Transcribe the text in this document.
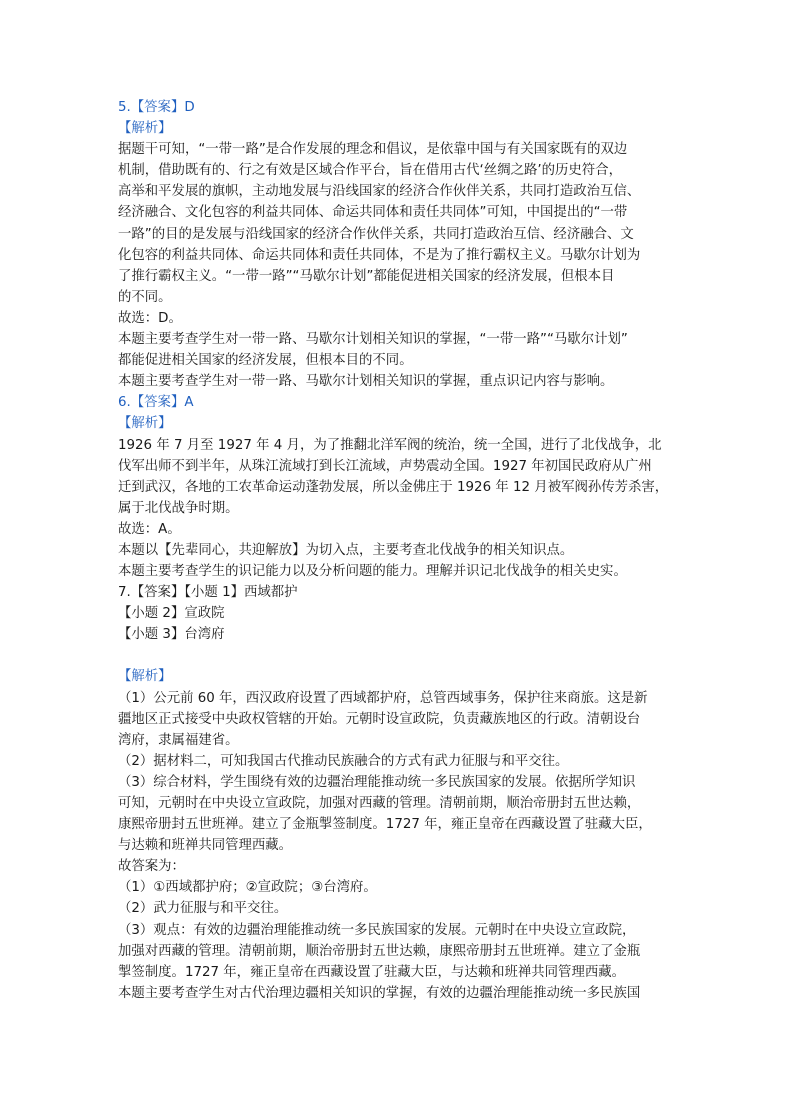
5.【答案】D
【解析】
据题干可知，“一带一路”是合作发展的理念和倡议，是依靠中国与有关国家既有的双边
机制，借助既有的、行之有效是区域合作平台，旨在借用古代‘丝绸之路’的历史符合，
高举和平发展的旗帜，主动地发展与沿线国家的经济合作伙伴关系，共同打造政治互信、
经济融合、文化包容的利益共同体、命运共同体和责任共同体”可知，中国提出的“一带
一路”的目的是发展与沿线国家的经济合作伙伴关系，共同打造政治互信、经济融合、文
化包容的利益共同体、命运共同体和责任共同体，不是为了推行霸权主义。马歇尔计划为
了推行霸权主义。“一带一路”“马歇尔计划”都能促进相关国家的经济发展，但根本目
的不同。
故选：D。
本题主要考查学生对一带一路、马歇尔计划相关知识的掌握，“一带一路”“马歇尔计划”
都能促进相关国家的经济发展，但根本目的不同。
本题主要考查学生对一带一路、马歇尔计划相关知识的掌握，重点识记内容与影响。
6.【答案】A
【解析】
1926 年 7 月至 1927 年 4 月，为了推翻北洋军阀的统治，统一全国，进行了北伐战争，北
伐军出师不到半年，从珠江流域打到长江流域，声势震动全国。1927 年初国民政府从广州
迁到武汉，各地的工农革命运动蓬勃发展，所以金佛庄于 1926 年 12 月被军阀孙传芳杀害，
属于北伐战争时期。
故选：A。
本题以【先辈同心，共迎解放】为切入点，主要考查北伐战争的相关知识点。
本题主要考查学生的识记能力以及分析问题的能力。理解并识记北伐战争的相关史实。
7.【答案】【小题 1】西域都护
【小题 2】宣政院
【小题 3】台湾府
【解析】
（1）公元前 60 年，西汉政府设置了西域都护府，总管西域事务，保护往来商旅。这是新
疆地区正式接受中央政权管辖的开始。元朝时设宣政院，负责藏族地区的行政。清朝设台
湾府，隶属福建省。
（2）据材料二，可知我国古代推动民族融合的方式有武力征服与和平交往。
（3）综合材料，学生围绕有效的边疆治理能推动统一多民族国家的发展。依据所学知识
可知，元朝时在中央设立宣政院，加强对西藏的管理。清朝前期，顺治帝册封五世达赖，
康熙帝册封五世班禅。建立了金瓶掣签制度。1727 年，雍正皇帝在西藏设置了驻藏大臣，
与达赖和班禅共同管理西藏。
故答案为：
（1）①西域都护府；②宣政院；③台湾府。
（2）武力征服与和平交往。
（3）观点：有效的边疆治理能推动统一多民族国家的发展。元朝时在中央设立宣政院，
加强对西藏的管理。清朝前期，顺治帝册封五世达赖，康熙帝册封五世班禅。建立了金瓶
掣签制度。1727 年，雍正皇帝在西藏设置了驻藏大臣，与达赖和班禅共同管理西藏。
本题主要考查学生对古代治理边疆相关知识的掌握，有效的边疆治理能推动统一多民族国
